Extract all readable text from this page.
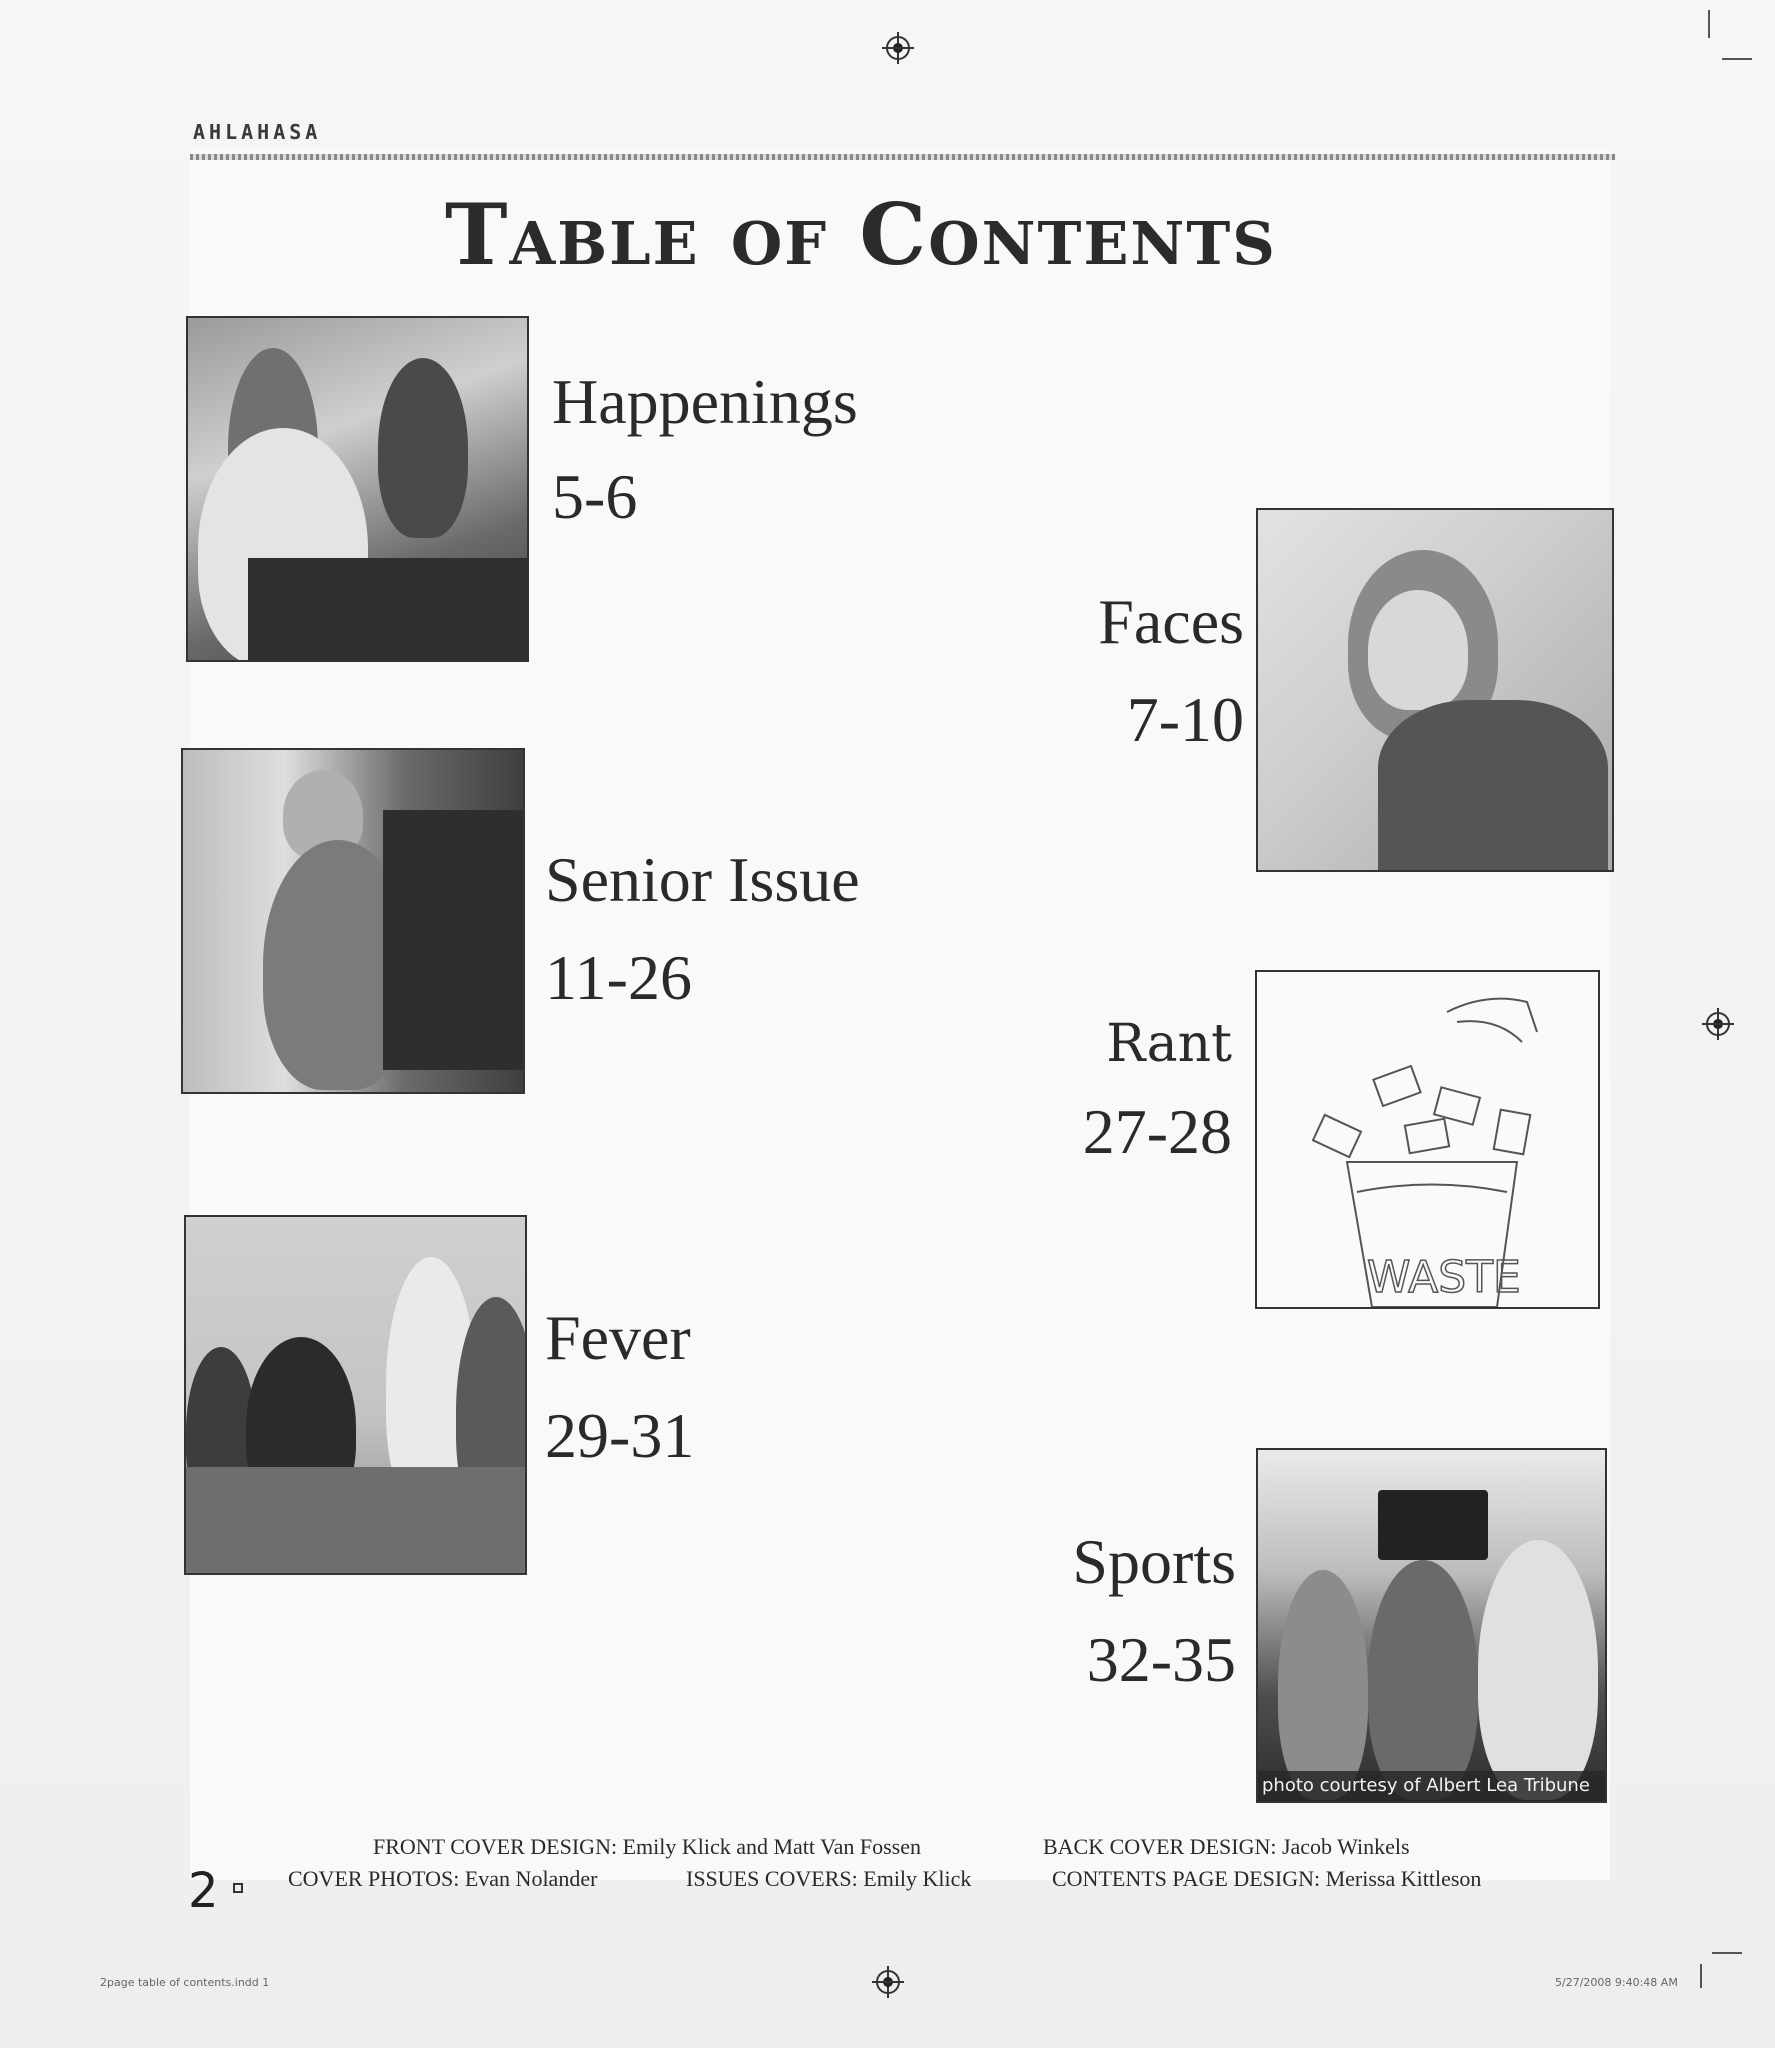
AHLAHASA
Table of Contents
Happenings
5-6
Faces
7-10
Senior Issue
11-26
WASTE
Rant
27-28
Fever
29-31
photo courtesy of Albert Lea Tribune
Sports
32-35
FRONT COVER DESIGN: Emily Klick and Matt Van Fossen	BACK COVER DESIGN: Jacob Winkels
COVER PHOTOS: Evan Nolander	ISSUES COVERS: Emily Klick	CONTENTS PAGE DESIGN: Merissa Kittleson
2
2page table of contents.indd 1	5/27/2008 9:40:48 AM
